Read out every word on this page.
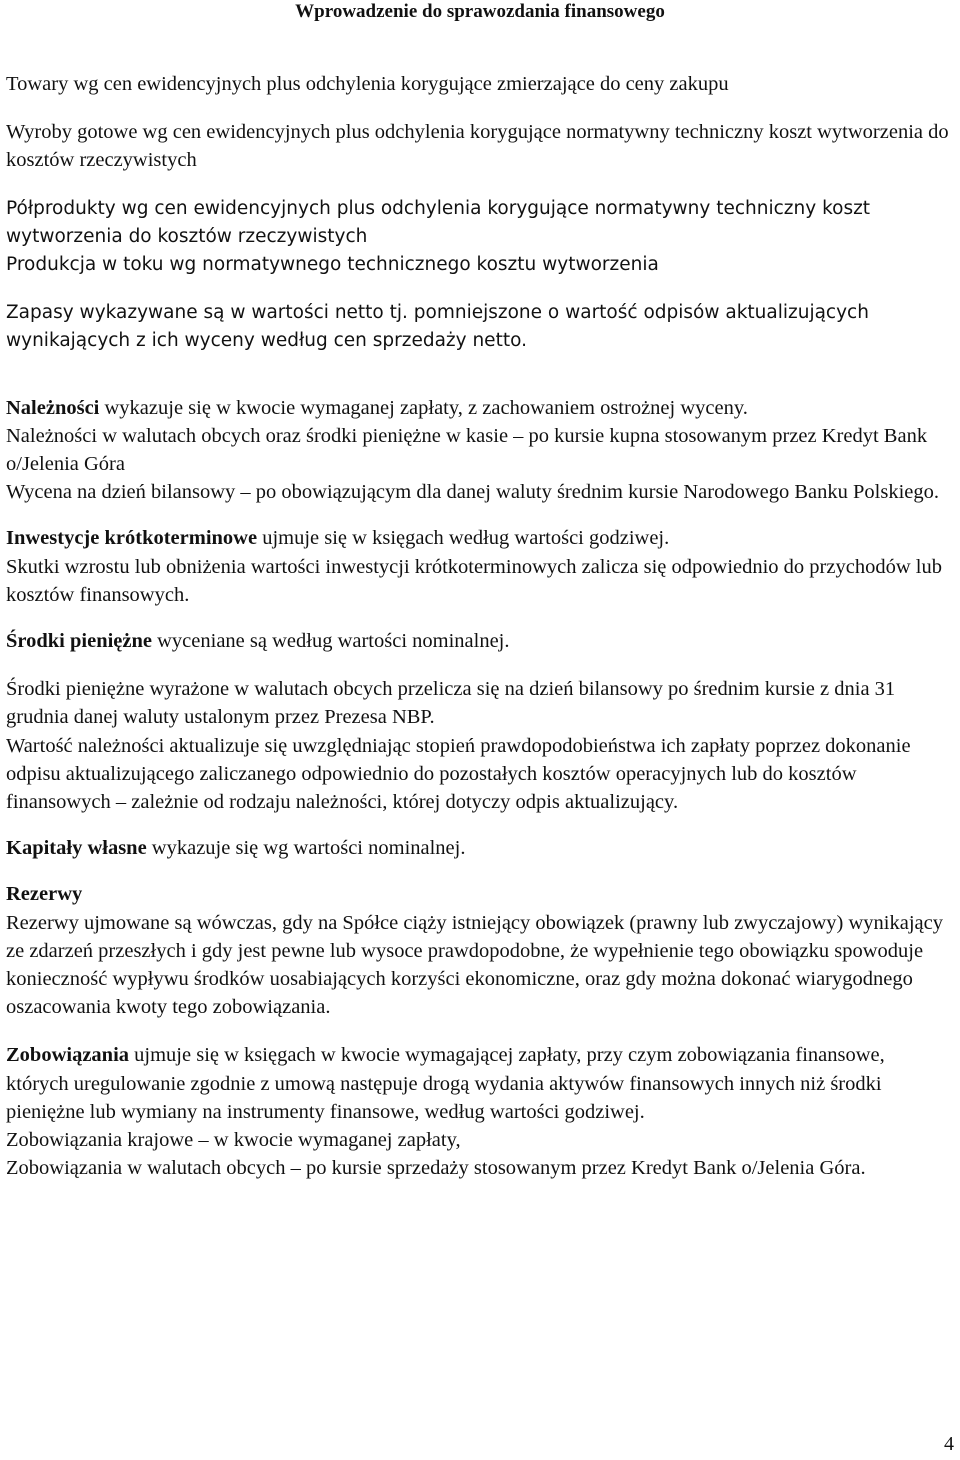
Wprowadzenie do sprawozdania finansowego

Towary wg cen ewidencyjnych plus odchylenia korygujące zmierzające do ceny zakupu

Wyroby gotowe wg cen ewidencyjnych plus odchylenia korygujące normatywny techniczny koszt wytworzenia do kosztów rzeczywistych

Półprodukty wg cen ewidencyjnych plus odchylenia korygujące normatywny techniczny koszt wytworzenia do kosztów rzeczywistych

Produkcja w toku wg normatywnego technicznego kosztu wytworzenia

Zapasy wykazywane są w wartości netto tj. pomniejszone o wartość odpisów aktualizujących wynikających z ich wyceny według cen sprzedaży netto.

Należności wykazuje się w kwocie wymaganej zapłaty, z zachowaniem ostrożnej wyceny.

Należności w walutach obcych oraz środki pieniężne w kasie – po kursie kupna stosowanym przez Kredyt Bank o/Jelenia Góra

Wycena na dzień bilansowy – po obowiązującym dla danej waluty średnim kursie Narodowego Banku Polskiego.

Inwestycje krótkoterminowe ujmuje się w księgach według wartości godziwej.

Skutki wzrostu lub obniżenia wartości inwestycji krótkoterminowych zalicza się odpowiednio do przychodów lub kosztów finansowych.

Środki pieniężne wyceniane są według wartości nominalnej.

Środki pieniężne wyrażone w walutach obcych przelicza się na dzień bilansowy po średnim kursie z dnia 31 grudnia danej waluty ustalonym przez Prezesa NBP.

Wartość należności aktualizuje się uwzględniając stopień prawdopodobieństwa ich zapłaty poprzez dokonanie odpisu aktualizującego zaliczanego odpowiednio do pozostałych kosztów operacyjnych lub do kosztów finansowych – zależnie od rodzaju należności, której dotyczy odpis aktualizujący.

Kapitały własne wykazuje się wg wartości nominalnej.

Rezerwy

Rezerwy ujmowane są wówczas, gdy na Spółce ciąży istniejący obowiązek (prawny lub zwyczajowy) wynikający ze zdarzeń przeszłych i gdy jest pewne lub wysoce prawdopodobne, że wypełnienie tego obowiązku spowoduje konieczność wypływu środków uosabiających korzyści ekonomiczne, oraz gdy można dokonać wiarygodnego oszacowania kwoty tego zobowiązania.

Zobowiązania ujmuje się w księgach w kwocie wymagającej zapłaty, przy czym zobowiązania finansowe, których uregulowanie zgodnie z umową następuje drogą wydania aktywów finansowych innych niż środki pieniężne lub wymiany na instrumenty finansowe, według wartości godziwej.

Zobowiązania krajowe – w kwocie wymaganej zapłaty,

Zobowiązania w walutach obcych – po kursie sprzedaży stosowanym przez Kredyt Bank o/Jelenia Góra.

4
